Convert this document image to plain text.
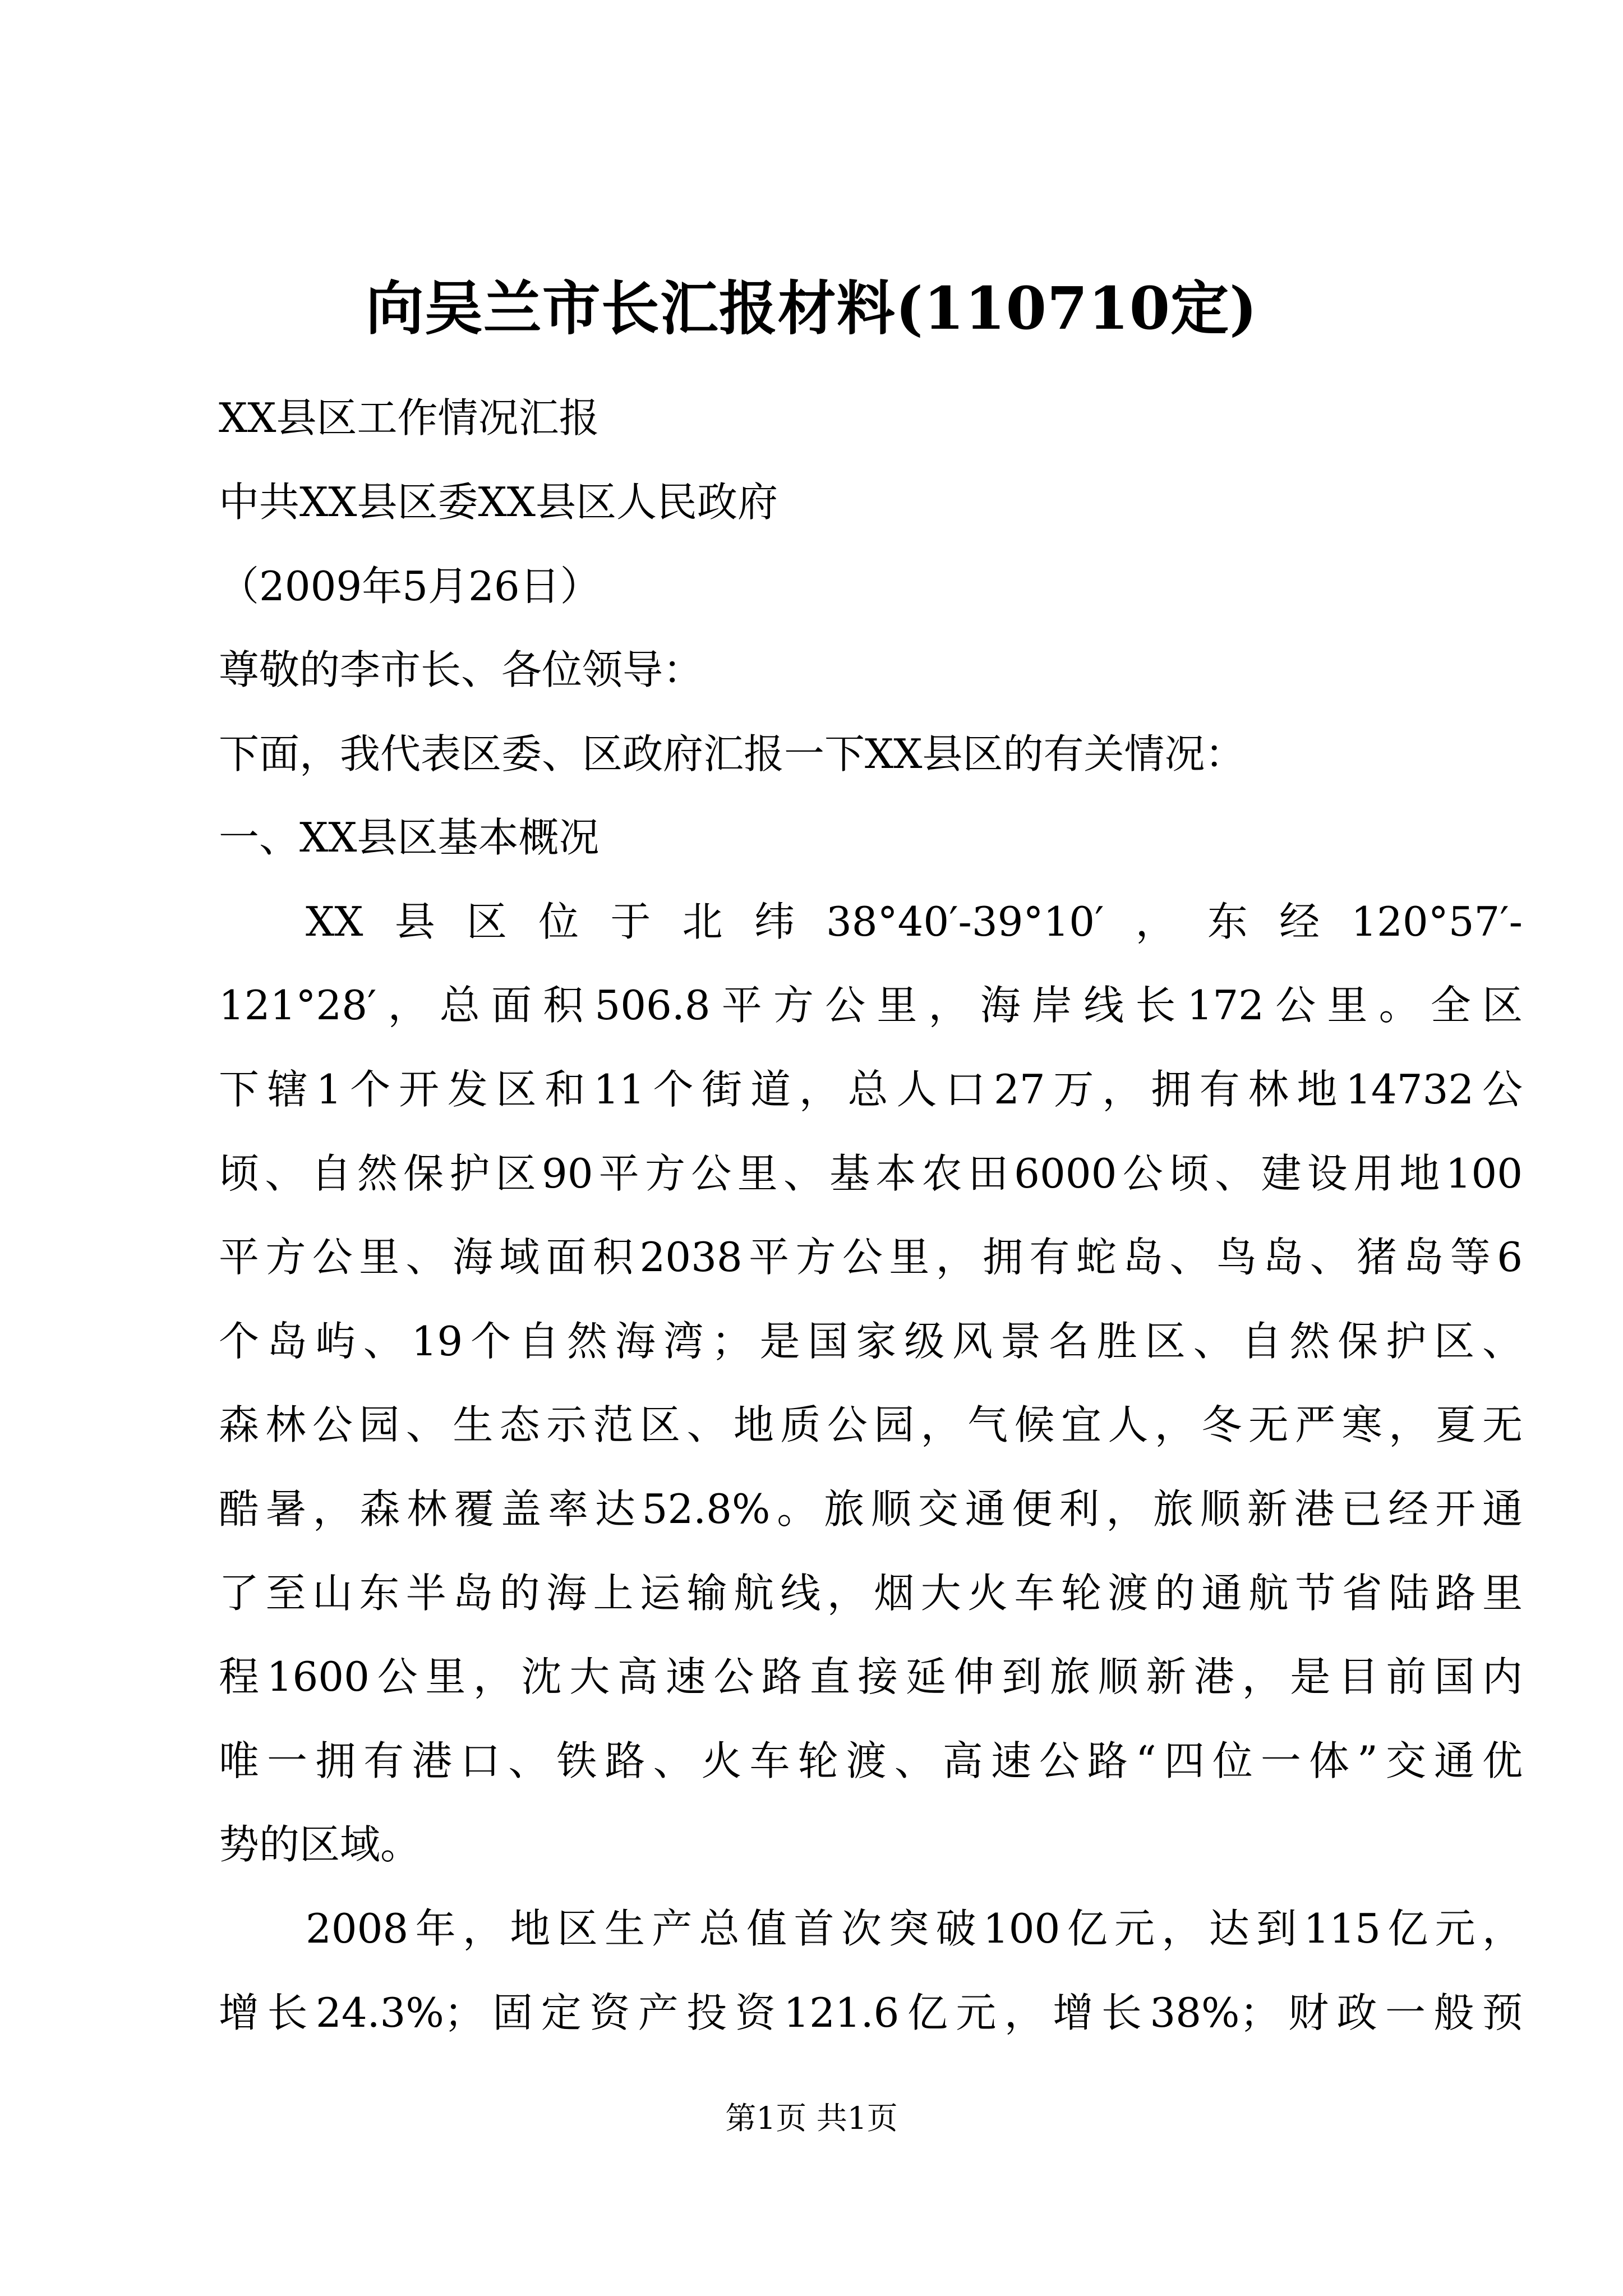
向吴兰市长汇报材料(110710定)
XX县区工作情况汇报
中共XX县区委XX县区人民政府
（2009年5月26日）
尊敬的李市长、各位领导：
下面，我代表区委、区政府汇报一下XX县区的有关情况：
一、XX县区基本概况
XX县区位于北纬38°40′-39°10′，东经120°57′-
121°28′，总面积506.8平方公里，海岸线长172公里。全区
下辖1个开发区和11个街道，总人口27万，拥有林地14732公
顷、自然保护区90平方公里、基本农田6000公顷、建设用地100
平方公里、海域面积2038平方公里，拥有蛇岛、鸟岛、猪岛等6
个岛屿、19个自然海湾；是国家级风景名胜区、自然保护区、
森林公园、生态示范区、地质公园，气候宜人，冬无严寒，夏无
酷暑，森林覆盖率达52.8%。旅顺交通便利，旅顺新港已经开通
了至山东半岛的海上运输航线，烟大火车轮渡的通航节省陆路里
程1600公里，沈大高速公路直接延伸到旅顺新港，是目前国内
唯一拥有港口、铁路、火车轮渡、高速公路“四位一体”交通优
势的区域。
2008年，地区生产总值首次突破100亿元，达到115亿元，
增长24.3%；固定资产投资121.6亿元，增长38%；财政一般预
第1页 共1页
